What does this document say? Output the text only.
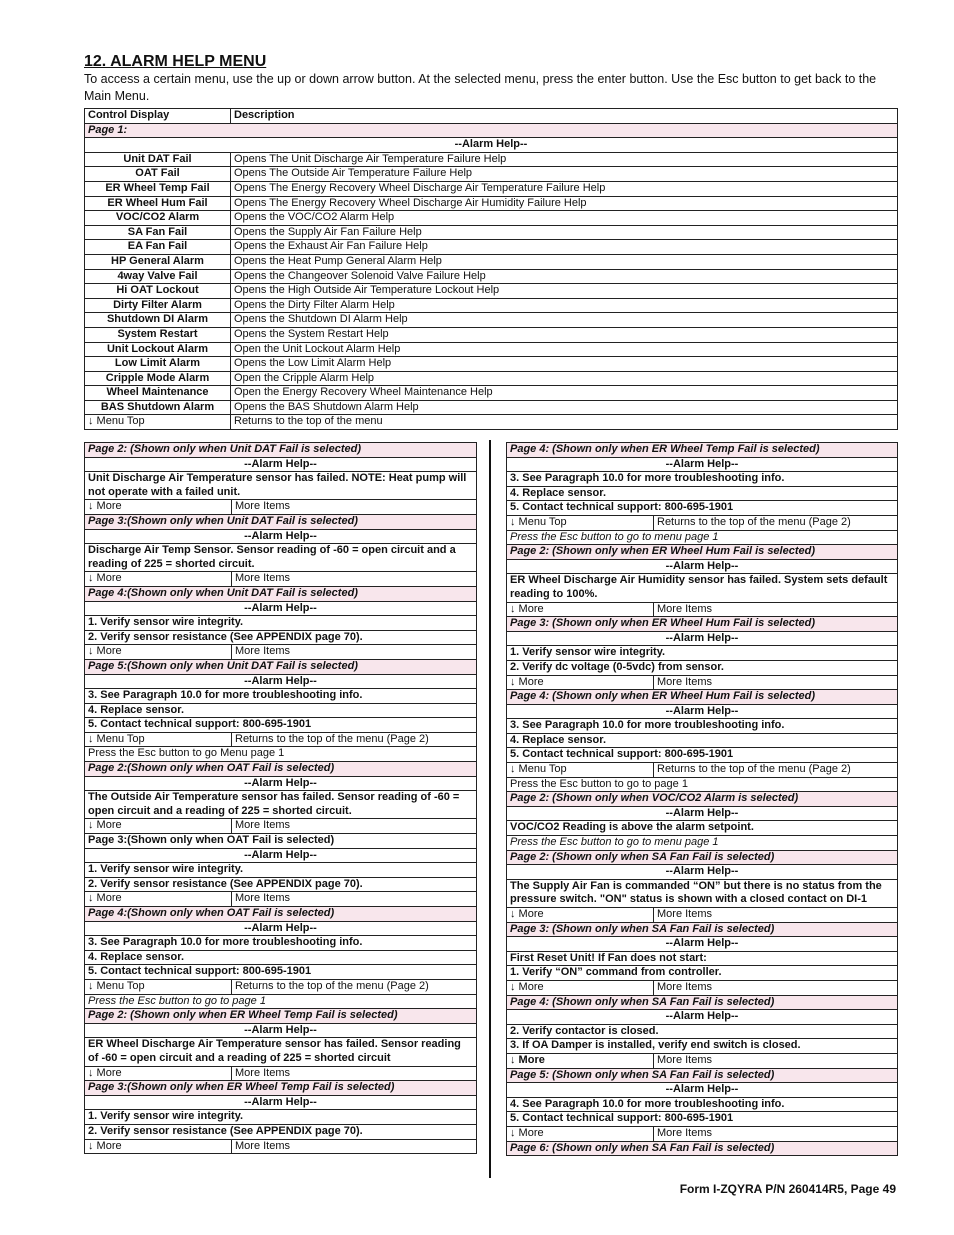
12. ALARM HELP MENU

To access a certain menu, use the up or down arrow button. At the selected menu, press the enter button. Use the Esc button to get back to the Main Menu.

Control Display	Description
Page 1:	
--Alarm Help--	
Unit DAT Fail	Opens The Unit Discharge Air Temperature Failure Help
OAT Fail	Opens The Outside Air Temperature Failure Help
ER Wheel Temp Fail	Opens The Energy Recovery Wheel Discharge Air Temperature Failure Help
ER Wheel Hum Fail	Opens The Energy Recovery Wheel Discharge Air Humidity Failure Help
VOC/CO2 Alarm	Opens the VOC/CO2 Alarm Help
SA Fan Fail	Opens the Supply Air Fan Failure Help
EA Fan Fail	Opens the Exhaust Air Fan Failure Help
HP General Alarm	Opens the Heat Pump General Alarm Help
4way Valve Fail	Opens the Changeover Solenoid Valve Failure Help
Hi OAT Lockout	Opens the High Outside Air Temperature Lockout Help
Dirty Filter Alarm	Opens the Dirty Filter Alarm Help
Shutdown DI Alarm	Opens the Shutdown DI Alarm Help
System Restart	Opens the System Restart Help
Unit Lockout Alarm	Open the Unit Lockout Alarm Help
Low Limit Alarm	Opens the Low Limit Alarm Help
Cripple Mode Alarm	Open the Cripple Alarm Help
Wheel Maintenance	Open the Energy Recovery Wheel Maintenance Help
BAS Shutdown Alarm	Opens the BAS Shutdown Alarm Help
↓ Menu Top	Returns to the top of the menu
Page 2: (Shown only when Unit DAT Fail is selected)	
--Alarm Help--	
Unit Discharge Air Temperature sensor has failed. NOTE: Heat pump will not operate with a failed unit.	
↓ More	More Items
Page 3:(Shown only when Unit DAT Fail is selected)	
--Alarm Help--	
Discharge Air Temp Sensor. Sensor reading of -60 = open circuit and a reading of 225 = shorted circuit.	
↓ More	More Items
Page 4:(Shown only when Unit DAT Fail is selected)	
--Alarm Help--	
1. Verify sensor wire integrity.	
2. Verify sensor resistance (See APPENDIX page 70).	
↓ More	More Items
Page 5:(Shown only when Unit DAT Fail is selected)	
--Alarm Help--	
3. See Paragraph 10.0 for more troubleshooting info.	
4. Replace sensor.	
5. Contact technical support: 800-695-1901	
↓ Menu Top	Returns to the top of the menu (Page 2)
Press the Esc button to go Menu page 1	
Page 2:(Shown only when OAT Fail is selected)	
--Alarm Help--	
The Outside Air Temperature sensor has failed. Sensor reading of -60 = open circuit and a reading of 225 = shorted circuit.	
↓ More	More Items
Page 3:(Shown only when OAT Fail is selected)	
--Alarm Help--	
1. Verify sensor wire integrity.	
2. Verify sensor resistance (See APPENDIX page 70).	
↓ More	More Items
Page 4:(Shown only when OAT Fail is selected)	
--Alarm Help--	
3. See Paragraph 10.0 for more troubleshooting info.	
4. Replace sensor.	
5. Contact technical support: 800-695-1901	
↓ Menu Top	Returns to the top of the menu (Page 2)
Press the Esc button to go to page 1	
Page 2: (Shown only when ER Wheel Temp Fail is selected)	
--Alarm Help--	
ER Wheel Discharge Air Temperature sensor has failed. Sensor reading of -60 = open circuit and a reading of 225 = shorted circuit	
↓ More	More Items
Page 3:(Shown only when ER Wheel Temp Fail is selected)	
--Alarm Help--	
1. Verify sensor wire integrity.	
2. Verify sensor resistance (See APPENDIX page 70).	
↓ More	More Items
Page 4: (Shown only when ER Wheel Temp Fail is selected)	
--Alarm Help--	
3. See Paragraph 10.0 for more troubleshooting info.	
4. Replace sensor.	
5. Contact technical support: 800-695-1901	
↓ Menu Top	Returns to the top of the menu (Page 2)
Press the Esc button to go to menu page 1	
Page 2: (Shown only when ER Wheel Hum Fail is selected)	
--Alarm Help--	
ER Wheel Discharge Air Humidity sensor has failed. System sets default reading to 100%.	
↓ More	More Items
Page 3: (Shown only when ER Wheel Hum Fail is selected)	
--Alarm Help--	
1. Verify sensor wire integrity.	
2. Verify dc voltage (0-5vdc) from sensor.	
↓ More	More Items
Page 4: (Shown only when ER Wheel Hum Fail is selected)	
--Alarm Help--	
3. See Paragraph 10.0 for more troubleshooting info.	
4. Replace sensor.	
5. Contact technical support: 800-695-1901	
↓ Menu Top	Returns to the top of the menu (Page 2)
Press the Esc button to go to page 1	
Page 2: (Shown only when VOC/CO2 Alarm is selected)	
--Alarm Help--	
VOC/CO2 Reading is above the alarm setpoint.	
Press the Esc button to go to menu page 1	
Page 2: (Shown only when SA Fan Fail is selected)	
--Alarm Help--	
The Supply Air Fan is commanded “ON” but there is no status from the pressure switch. "ON" status is shown with a closed contact on DI-1	
↓ More	More Items
Page 3: (Shown only when SA Fan Fail is selected)	
--Alarm Help--	
First Reset Unit! If Fan does not start:	
1. Verify “ON” command from controller.	
↓ More	More Items
Page 4: (Shown only when SA Fan Fail is selected)	
--Alarm Help--	
2. Verify contactor is closed.	
3. If OA Damper is installed, verify end switch is closed.	
↓ More	More Items
Page 5: (Shown only when SA Fan Fail is selected)	
--Alarm Help--	
4. See Paragraph 10.0 for more troubleshooting info.	
5. Contact technical support: 800-695-1901	
↓ More	More Items
Page 6: (Shown only when SA Fan Fail is selected)	
Form I-ZQYRA P/N 260414R5, Page 49
